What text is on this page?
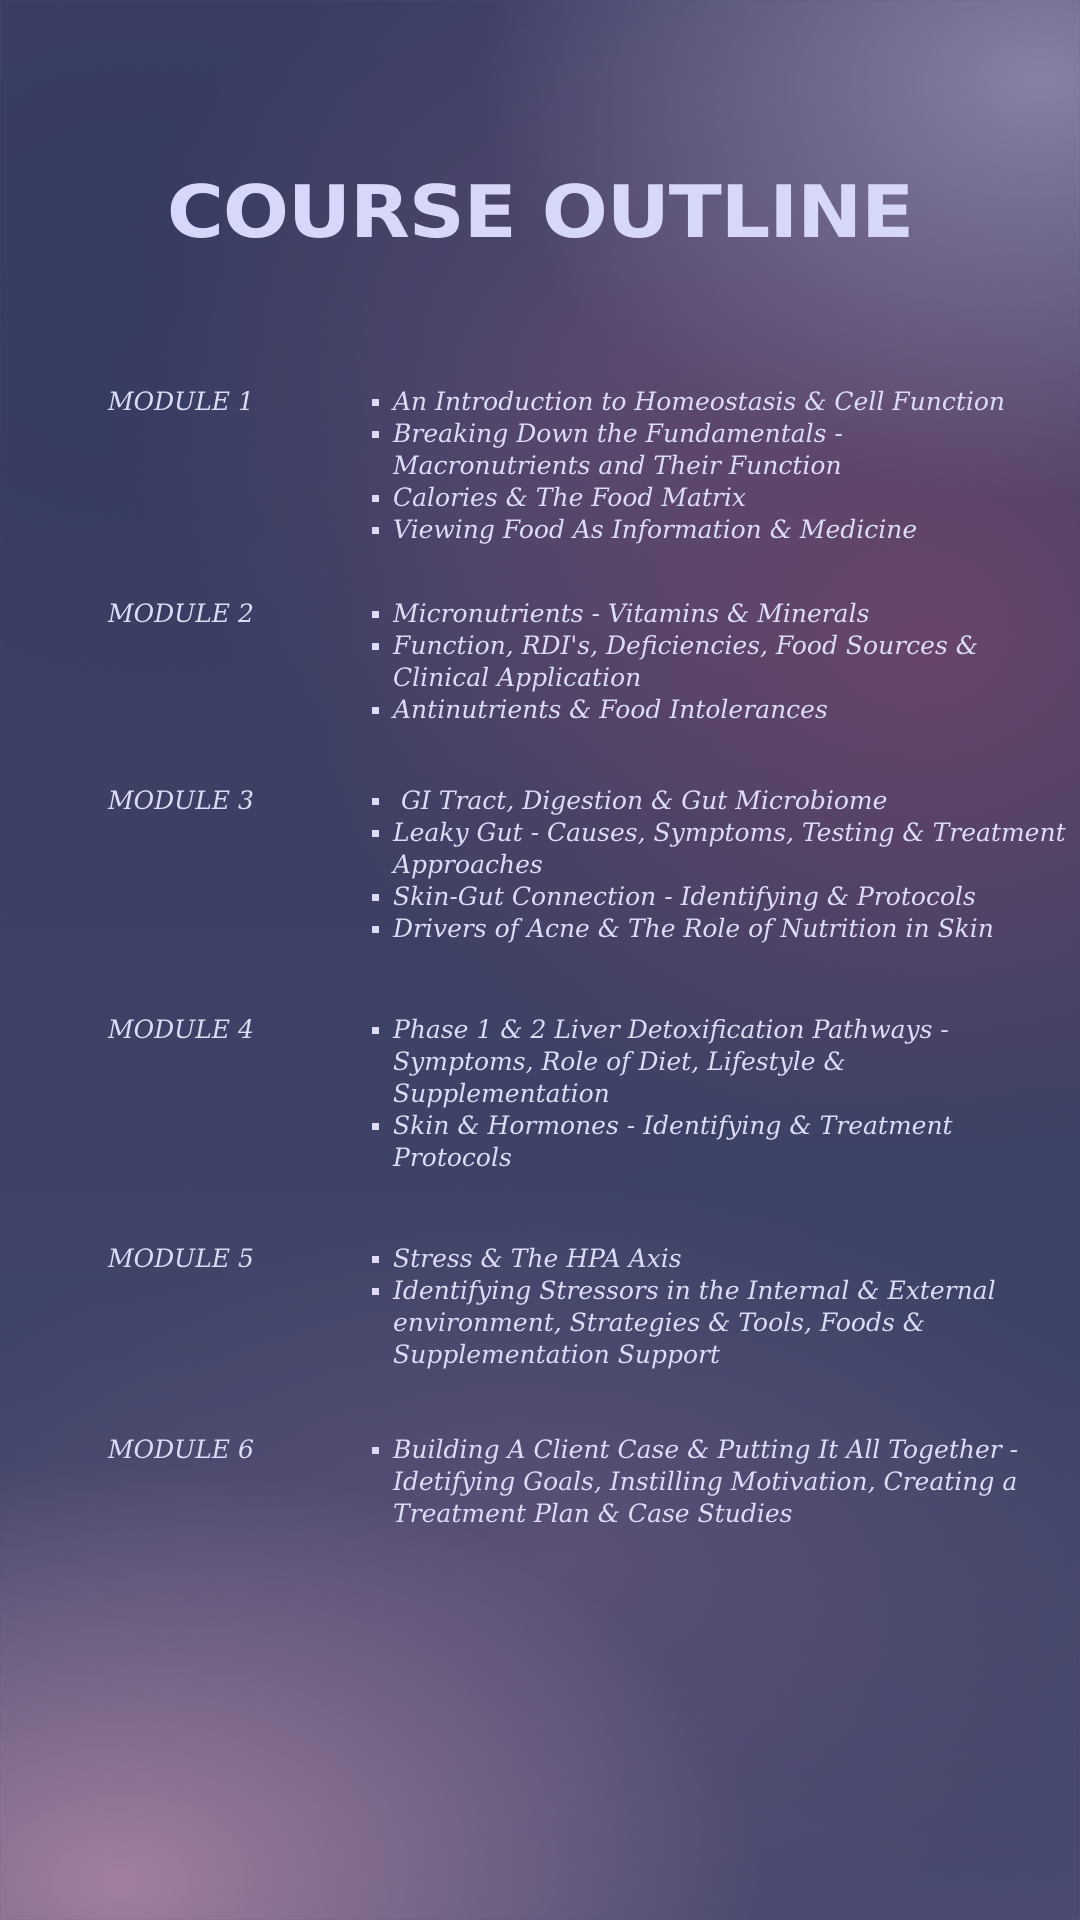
COURSE OUTLINE
MODULE 1	An Introduction to Homeostasis & Cell Function
Breaking Down the Fundamentals -
Macronutrients and Their Function
Calories & The Food Matrix
Viewing Food As Information & Medicine
MODULE 2	Micronutrients - Vitamins & Minerals
Function, RDI's, Deficiencies, Food Sources &
Clinical Application
Antinutrients & Food Intolerances
MODULE 3	GI Tract, Digestion & Gut Microbiome
Leaky Gut - Causes, Symptoms, Testing & Treatment
Approaches
Skin-Gut Connection - Identifying & Protocols
Drivers of Acne & The Role of Nutrition in Skin
MODULE 4	Phase 1 & 2 Liver Detoxification Pathways -
Symptoms, Role of Diet, Lifestyle &
Supplementation
Skin & Hormones - Identifying & Treatment
Protocols
MODULE 5	Stress & The HPA Axis
Identifying Stressors in the Internal & External
environment, Strategies & Tools, Foods &
Supplementation Support
MODULE 6	Building A Client Case & Putting It All Together -
Idetifying Goals, Instilling Motivation, Creating a
Treatment Plan & Case Studies
